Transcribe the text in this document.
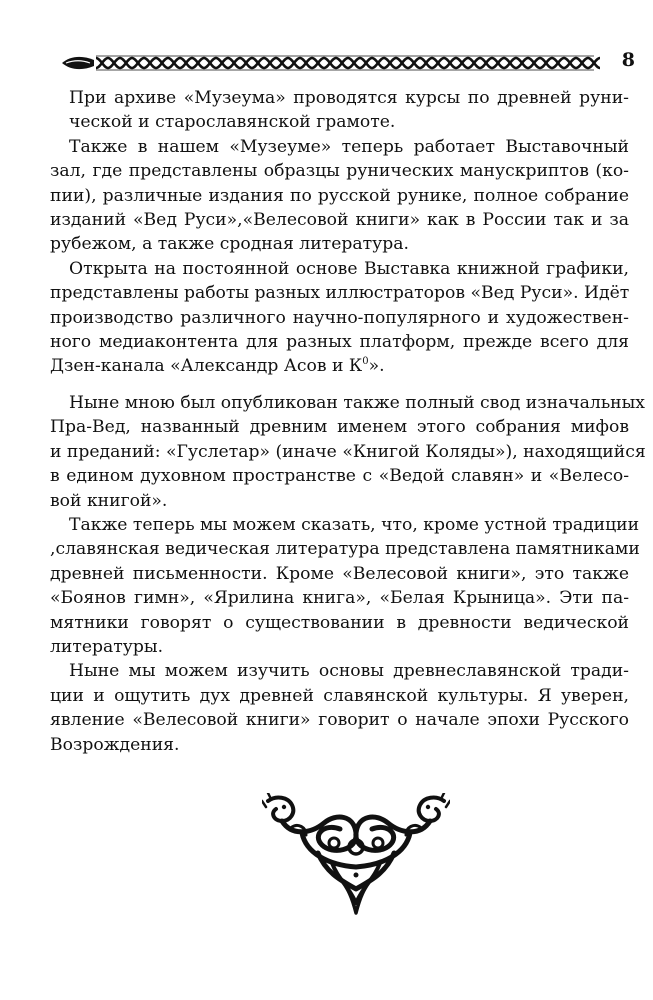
8
При архиве «Музеума» проводятся курсы по древней руни-
ческой и старославянской грамоте.
Также в нашем «Музеуме» теперь работает Выставочный
зал, где представлены образцы рунических манускриптов (ко-
пии), различные издания по русской рунике, полное собрание
изданий «Вед Руси»,«Велесовой книги» как в России так и за
рубежом, а также сродная литература.
Открыта на постоянной основе Выставка книжной графики,
представлены работы разных иллюстраторов «Вед Руси». Идёт
производство различного научно-популярного и художествен-
ного медиаконтента для разных платформ, прежде всего для
Дзен-канала «Александр Асов и $К^0$».
Ныне мною был опубликован также полный свод изначальных
Пра-Вед, названный древним именем этого собрания мифов
и преданий: «Гуслетар» (иначе «Книгой Коляды»), находящийся
в едином духовном пространстве с «Ведой славян» и «Велесо-
вой книгой».
Также теперь мы можем сказать, что, кроме устной традиции
,славянская ведическая литература представлена памятниками
древней письменности. Кроме «Велесовой книги», это также
«Боянов гимн», «Ярилина книга», «Белая Крыница». Эти па-
мятники говорят о существовании в древности ведической
литературы.
Ныне мы можем изучить основы древнеславянской тради-
ции и ощутить дух древней славянской культуры. Я уверен,
явление «Велесовой книги» говорит о начале эпохи Русского
Возрождения.
